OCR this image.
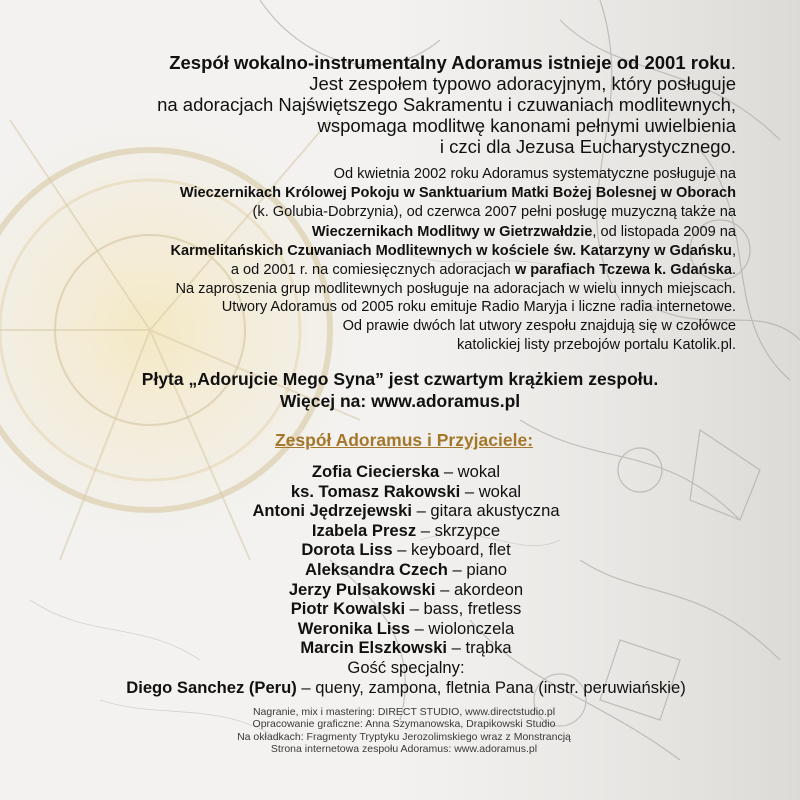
Zespół wokalno-instrumentalny Adoramus istnieje od 2001 roku.
Jest zespołem typowo adoracyjnym, który posługuje
na adoracjach Najświętszego Sakramentu i czuwaniach modlitewnych,
wspomaga modlitwę kanonami pełnymi uwielbienia
i czci dla Jezusa Eucharystycznego.
Od kwietnia 2002 roku Adoramus systematyczne posługuje na
Wieczernikach Królowej Pokoju w Sanktuarium Matki Bożej Bolesnej w Oborach
(k. Golubia-Dobrzynia), od czerwca 2007 pełni posługę muzyczną także na
Wieczernikach Modlitwy w Gietrzwałdzie, od listopada 2009 na
Karmelitańskich Czuwaniach Modlitewnych w kościele św. Katarzyny w Gdańsku,
a od 2001 r. na comiesięcznych adoracjach w parafiach Tczewa k. Gdańska.
Na zaproszenia grup modlitewnych posługuje na adoracjach w wielu innych miejscach.
Utwory Adoramus od 2005 roku emituje Radio Maryja i liczne radia internetowe.
Od prawie dwóch lat utwory zespołu znajdują się w czołówce
katolickiej listy przebojów portalu Katolik.pl.
Płyta „Adorujcie Mego Syna” jest czwartym krążkiem zespołu.
Więcej na: www.adoramus.pl
Zespół Adoramus i Przyjaciele:
Zofia Ciecierska – wokal
ks. Tomasz Rakowski – wokal
Antoni Jędrzejewski – gitara akustyczna
Izabela Presz – skrzypce
Dorota Liss – keyboard, flet
Aleksandra Czech – piano
Jerzy Pulsakowski – akordeon
Piotr Kowalski – bass, fretless
Weronika Liss – wiolonczela
Marcin Elszkowski – trąbka
Gość specjalny:
Diego Sanchez (Peru) – queny, zampona, fletnia Pana (instr. peruwiańskie)
Nagranie, mix i mastering: DIRECT STUDIO, www.directstudio.pl
Opracowanie graficzne: Anna Szymanowska, Drapikowski Studio
Na okładkach: Fragmenty Tryptyku Jerozolimskiego wraz z Monstrancją
Strona internetowa zespołu Adoramus: www.adoramus.pl
